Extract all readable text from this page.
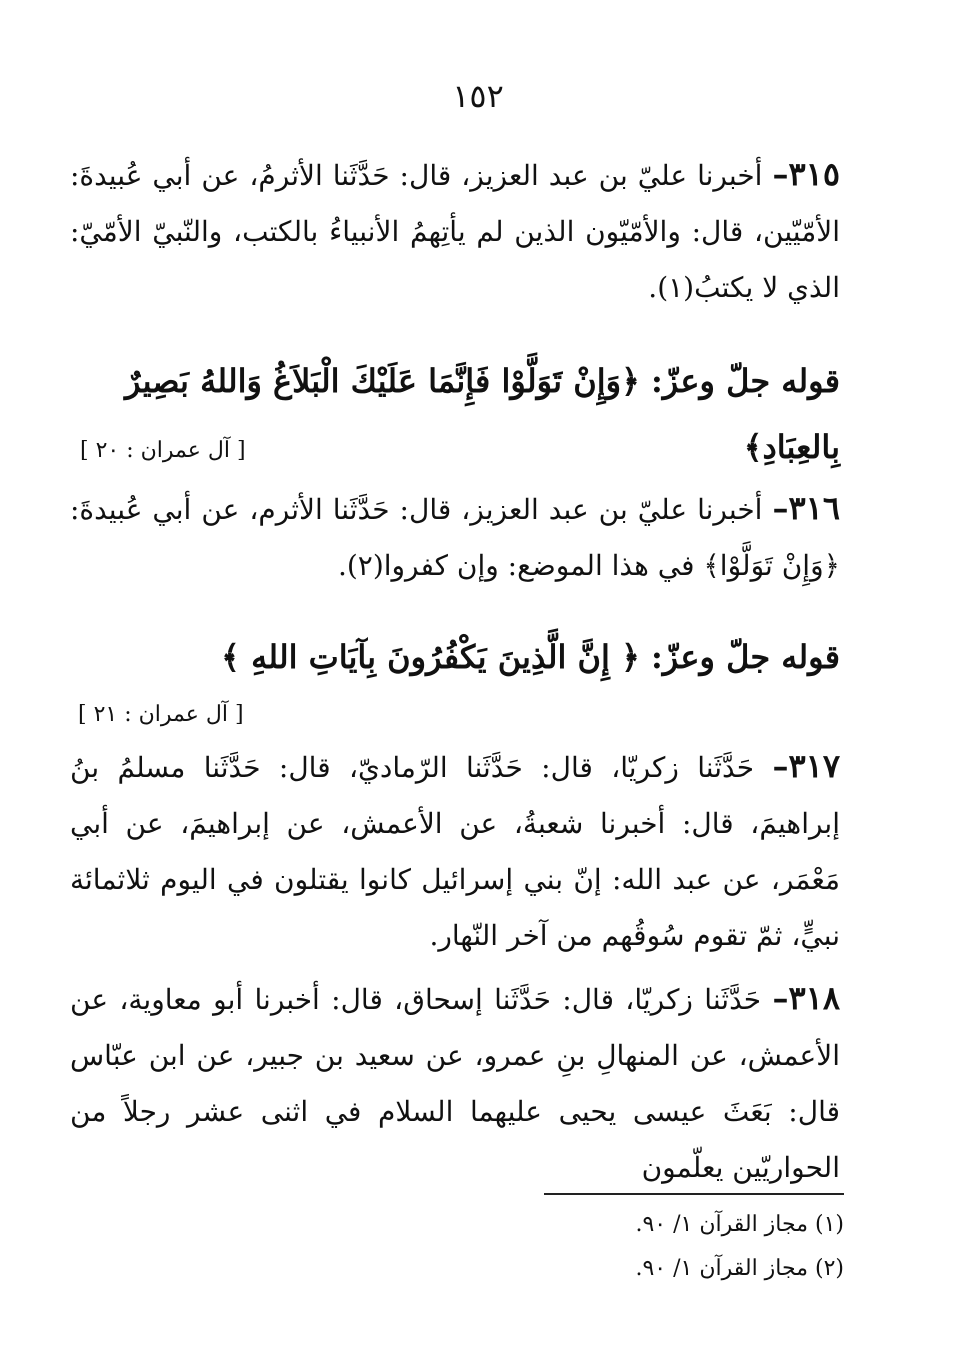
١٥٢

٣١٥– أخبرنا عليّ بن عبد العزيز، قال: حَدَّثَنا الأثرمُ، عن أبي عُبيدةَ: الأمّيّين، قال: والأمّيّون الذين لم يأتِهمُ الأنبياءُ بالكتب، والنّبيّ الأمّيّ: الذي لا يكتبُ(١).

قوله جلّ وعزّ: ﴿وَإِنْ تَوَلَّوْا فَإِنَّمَا عَلَيْكَ الْبَلاَغُ وَاللهُ بَصِيرٌ بِالعِبَادِ﴾

[ آل عمران : ٢٠ ]

٣١٦– أخبرنا عليّ بن عبد العزيز، قال: حَدَّثَنا الأثرم، عن أبي عُبيدةَ: ﴿وَإِنْ تَوَلَّوْا﴾ في هذا الموضع: وإن كفروا(٢).

قوله جلّ وعزّ: ﴿ إِنَّ الَّذِينَ يَكْفُرُونَ بِآيَاتِ اللهِ ﴾

[ آل عمران : ٢١ ]

٣١٧– حَدَّثَنا زكريّا، قال: حَدَّثَنا الرّماديّ، قال: حَدَّثَنا مسلمُ بنُ إبراهيمَ، قال: أخبرنا شعبةُ، عن الأعمش، عن إبراهيمَ، عن أبي مَعْمَر، عن عبد الله: إنّ بني إسرائيل كانوا يقتلون في اليوم ثلاثمائة نبيٍّ، ثمّ تقوم سُوقُهم من آخر النّهار.

٣١٨– حَدَّثَنا زكريّا، قال: حَدَّثَنا إسحاق، قال: أخبرنا أبو معاوية، عن الأعمش، عن المنهالِ بنِ عمرو، عن سعيد بن جبير، عن ابن عبّاس قال: بَعَثَ عيسى يحيى عليهما السلام في اثنى عشر رجلاً من الحواريّين يعلّمون

(١) مجاز القرآن ١/ ٩٠.
(٢) مجاز القرآن ١/ ٩٠.
